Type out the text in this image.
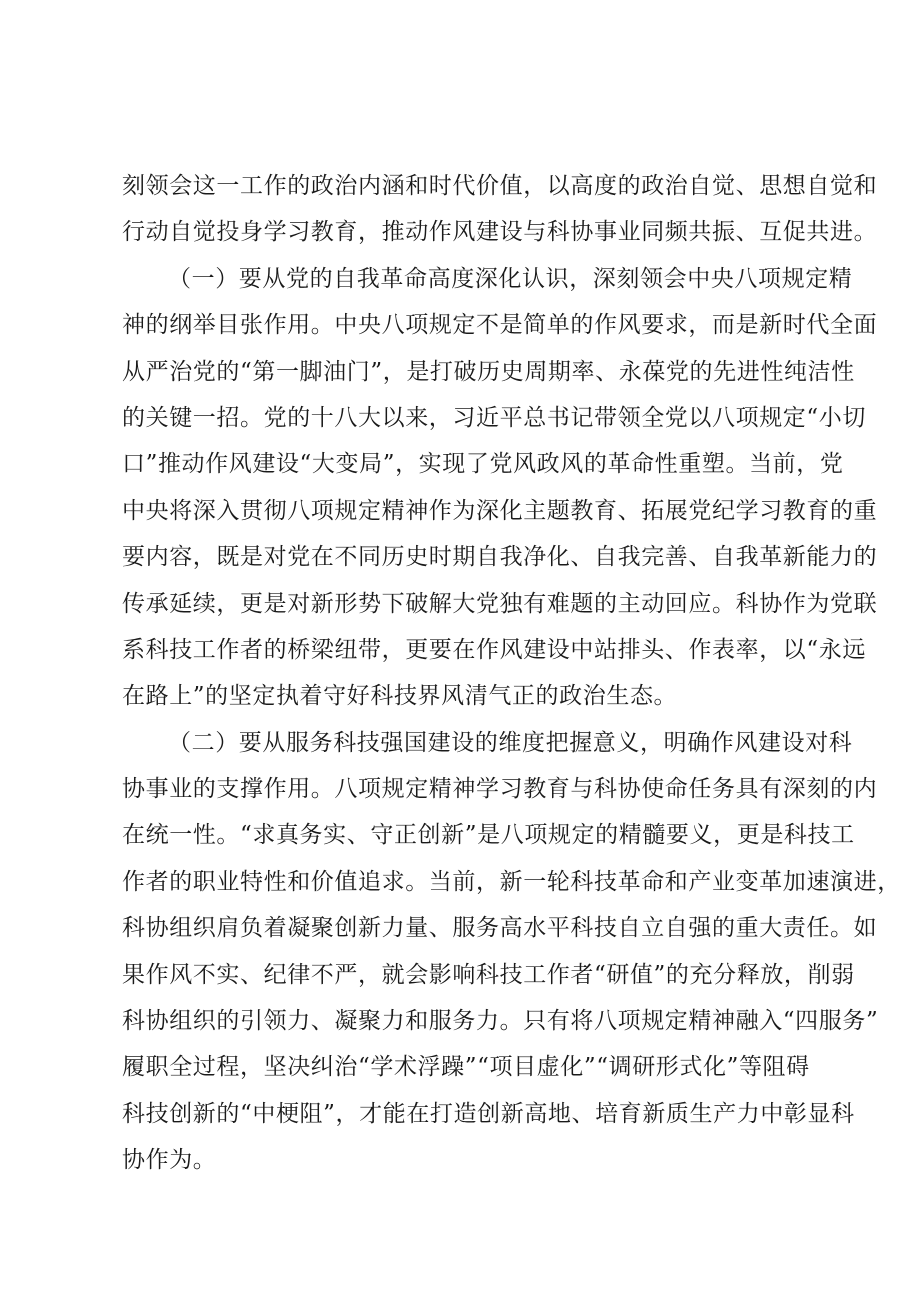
刻领会这一工作的政治内涵和时代价值，以高度的政治自觉、思想自觉和
行动自觉投身学习教育，推动作风建设与科协事业同频共振、互促共进。
（一）要从党的自我革命高度深化认识，深刻领会中央八项规定精
神的纲举目张作用。中央八项规定不是简单的作风要求，而是新时代全面
从严治党的“第一脚油门”，是打破历史周期率、永葆党的先进性纯洁性
的关键一招。党的十八大以来，习近平总书记带领全党以八项规定“小切
口”推动作风建设“大变局”，实现了党风政风的革命性重塑。当前，党
中央将深入贯彻八项规定精神作为深化主题教育、拓展党纪学习教育的重
要内容，既是对党在不同历史时期自我净化、自我完善、自我革新能力的
传承延续，更是对新形势下破解大党独有难题的主动回应。科协作为党联
系科技工作者的桥梁纽带，更要在作风建设中站排头、作表率，以“永远
在路上”的坚定执着守好科技界风清气正的政治生态。
（二）要从服务科技强国建设的维度把握意义，明确作风建设对科
协事业的支撑作用。八项规定精神学习教育与科协使命任务具有深刻的内
在统一性。“求真务实、守正创新”是八项规定的精髓要义，更是科技工
作者的职业特性和价值追求。当前，新一轮科技革命和产业变革加速演进，
科协组织肩负着凝聚创新力量、服务高水平科技自立自强的重大责任。如
果作风不实、纪律不严，就会影响科技工作者“研值”的充分释放，削弱
科协组织的引领力、凝聚力和服务力。只有将八项规定精神融入“四服务”
履职全过程，坚决纠治“学术浮躁”“项目虚化”“调研形式化”等阻碍
科技创新的“中梗阻”，才能在打造创新高地、培育新质生产力中彰显科
协作为。
